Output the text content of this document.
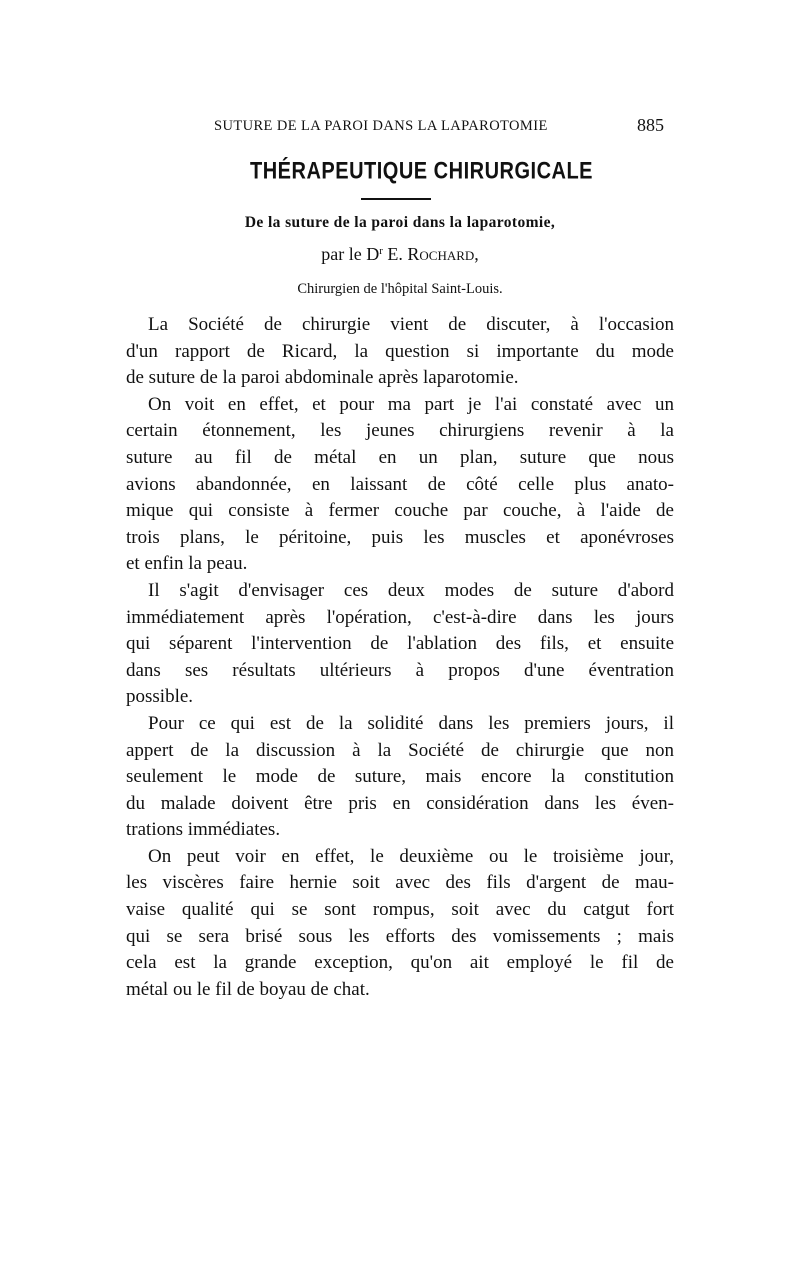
SUTURE DE LA PAROI DANS LA LAPAROTOMIE	885
THÉRAPEUTIQUE CHIRURGICALE
De la suture de la paroi dans la laparotomie,
par le $D^r$ E. Rochard,
Chirurgien de l'hôpital Saint-Louis.

La Société de chirurgie vient de discuter, à l'occasion
d'un rapport de Ricard, la question si importante du mode
de suture de la paroi abdominale après laparotomie.

On voit en effet, et pour ma part je l'ai constaté avec un
certain étonnement, les jeunes chirurgiens revenir à la
suture au fil de métal en un plan, suture que nous
avions abandonnée, en laissant de côté celle plus anato-
mique qui consiste à fermer couche par couche, à l'aide de
trois plans, le péritoine, puis les muscles et aponévroses
et enfin la peau.

Il s'agit d'envisager ces deux modes de suture d'abord
immédiatement après l'opération, c'est-à-dire dans les jours
qui séparent l'intervention de l'ablation des fils, et ensuite
dans ses résultats ultérieurs à propos d'une éventration
possible.

Pour ce qui est de la solidité dans les premiers jours, il
appert de la discussion à la Société de chirurgie que non
seulement le mode de suture, mais encore la constitution
du malade doivent être pris en considération dans les éven-
trations immédiates.

On peut voir en effet, le deuxième ou le troisième jour,
les viscères faire hernie soit avec des fils d'argent de mau-
vaise qualité qui se sont rompus, soit avec du catgut fort
qui se sera brisé sous les efforts des vomissements ; mais
cela est la grande exception, qu'on ait employé le fil de
métal ou le fil de boyau de chat.
